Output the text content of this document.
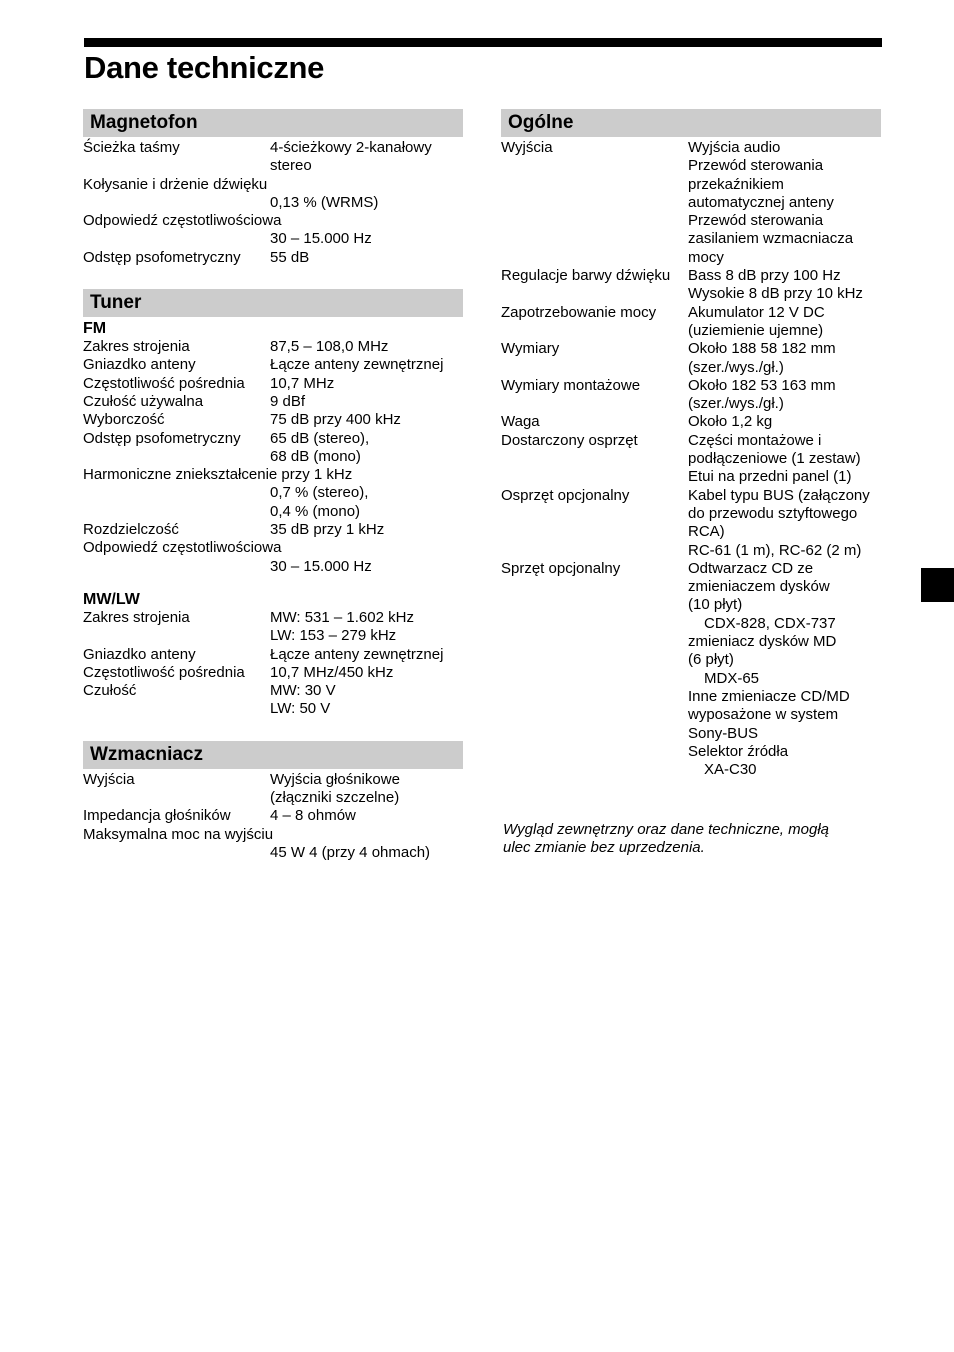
Dane techniczne
Magnetofon
Ścieżka taśmy	4-ścieżkowy 2-kanałowy
stereo
Kołysanie i drżenie dźwięku
0,13 % (WRMS)
Odpowiedź częstotliwościowa
30 – 15.000 Hz
Odstęp psofometryczny	55 dB
Tuner
FM
Zakres strojenia	87,5 – 108,0 MHz
Gniazdko anteny	Łącze anteny zewnętrznej
Częstotliwość pośrednia	10,7 MHz
Czułość używalna	9 dBf
Wyborczość	75 dB przy 400 kHz
Odstęp psofometryczny	65 dB (stereo),
68 dB (mono)
Harmoniczne zniekształcenie przy 1 kHz
0,7 % (stereo),
0,4 % (mono)
Rozdzielczość	35 dB przy 1 kHz
Odpowiedź częstotliwościowa
30 – 15.000 Hz
MW/LW
Zakres strojenia	MW: 531 – 1.602 kHz
LW: 153 – 279 kHz
Gniazdko anteny	Łącze anteny zewnętrznej
Częstotliwość pośrednia	10,7 MHz/450 kHz
Czułość	MW: 30 V
LW: 50 V
Wzmacniacz
Wyjścia	Wyjścia głośnikowe
(złączniki szczelne)
Impedancja głośników	4 – 8 ohmów
Maksymalna moc na wyjściu
45 W 4 (przy 4 ohmach)
Ogólne
Wyjścia	Wyjścia audio
Przewód sterowania
przekaźnikiem
automatycznej anteny
Przewód sterowania
zasilaniem wzmacniacza
mocy
Regulacje barwy dźwięku	Bass 8 dB przy 100 Hz
Wysokie 8 dB przy 10 kHz
Zapotrzebowanie mocy	Akumulator 12 V DC
(uziemienie ujemne)
Wymiary	Około 188 58 182 mm
(szer./wys./gł.)
Wymiary montażowe	Około 182 53 163 mm
(szer./wys./gł.)
Waga	Około 1,2 kg
Dostarczony osprzęt	Części montażowe i
podłączeniowe (1 zestaw)
Etui na przedni panel (1)
Osprzęt opcjonalny	Kabel typu BUS (załączony
do przewodu sztyftowego
RCA)
RC-61 (1 m), RC-62 (2 m)
Sprzęt opcjonalny	Odtwarzacz CD ze
zmieniaczem dysków
(10 płyt)
CDX-828, CDX-737
zmieniacz dysków MD
(6 płyt)
MDX-65
Inne zmieniacze CD/MD
wyposażone w system
Sony-BUS
Selektor źródła
XA-C30
Wygląd zewnętrzny oraz dane techniczne, mogłą
ulec zmianie bez uprzedzenia.
